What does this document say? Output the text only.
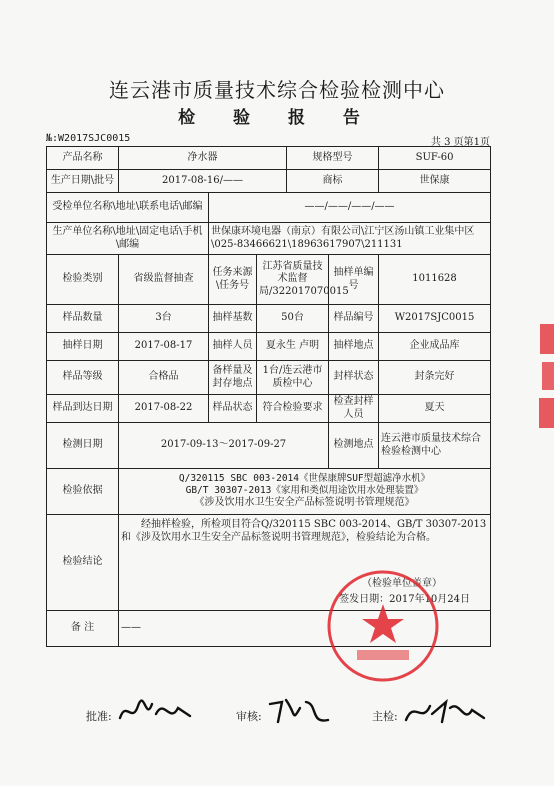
连云港市质量技术综合检验检测中心
检 验 报 告
№:W2017SJC0015	共 3 页第1页
产品名称	净水器			规格型号		SUF-60
生产日期\批号	2017-08-16/——			商标		世保康
受检单位名称\地址\联系电话\邮编		——/——/——/——				
生产单位名称\地址\固定电话\手机\邮编		世保康环境电器（南京）有限公司\江宁区汤山镇工业集中区\025-83466621\18963617907\211131				
检验类别	省级监督抽查	任务来源\任务号	江苏省质量技术监督局/322017070015		抽样单编号	1011628
样品数量	3台	抽样基数	50台		样品编号	W2017SJC0015
抽样日期	2017-08-17	抽样人员	夏永生 卢明		抽样地点	企业成品库
样品等级	合格品	备样量及封存地点	1台/连云港市质检中心		封样状态	封条完好
样品到达日期	2017-08-22	样品状态	符合检验要求		检查封样人员	夏天
检测日期	2017-09-13～2017-09-27				检测地点	连云港市质量技术综合检验检测中心
检验依据	Q/320115 SBC 003-2014《世保康牌SUF型超滤净水机》
GB/T 30307-2013《家用和类似用途饮用水处理装置》
《涉及饮用水卫生安全产品标签说明书管理规范》					

检验结论	经抽样检验，所检项目符合Q/320115 SBC 003-2014、GB/T 30307-2013和《涉及饮用水卫生安全产品标签说明书管理规范》，检验结论为合格。
（检验单位盖章）
签发日期：2017年10月24日					

备 注	——					
批准:	审核:	主检:
